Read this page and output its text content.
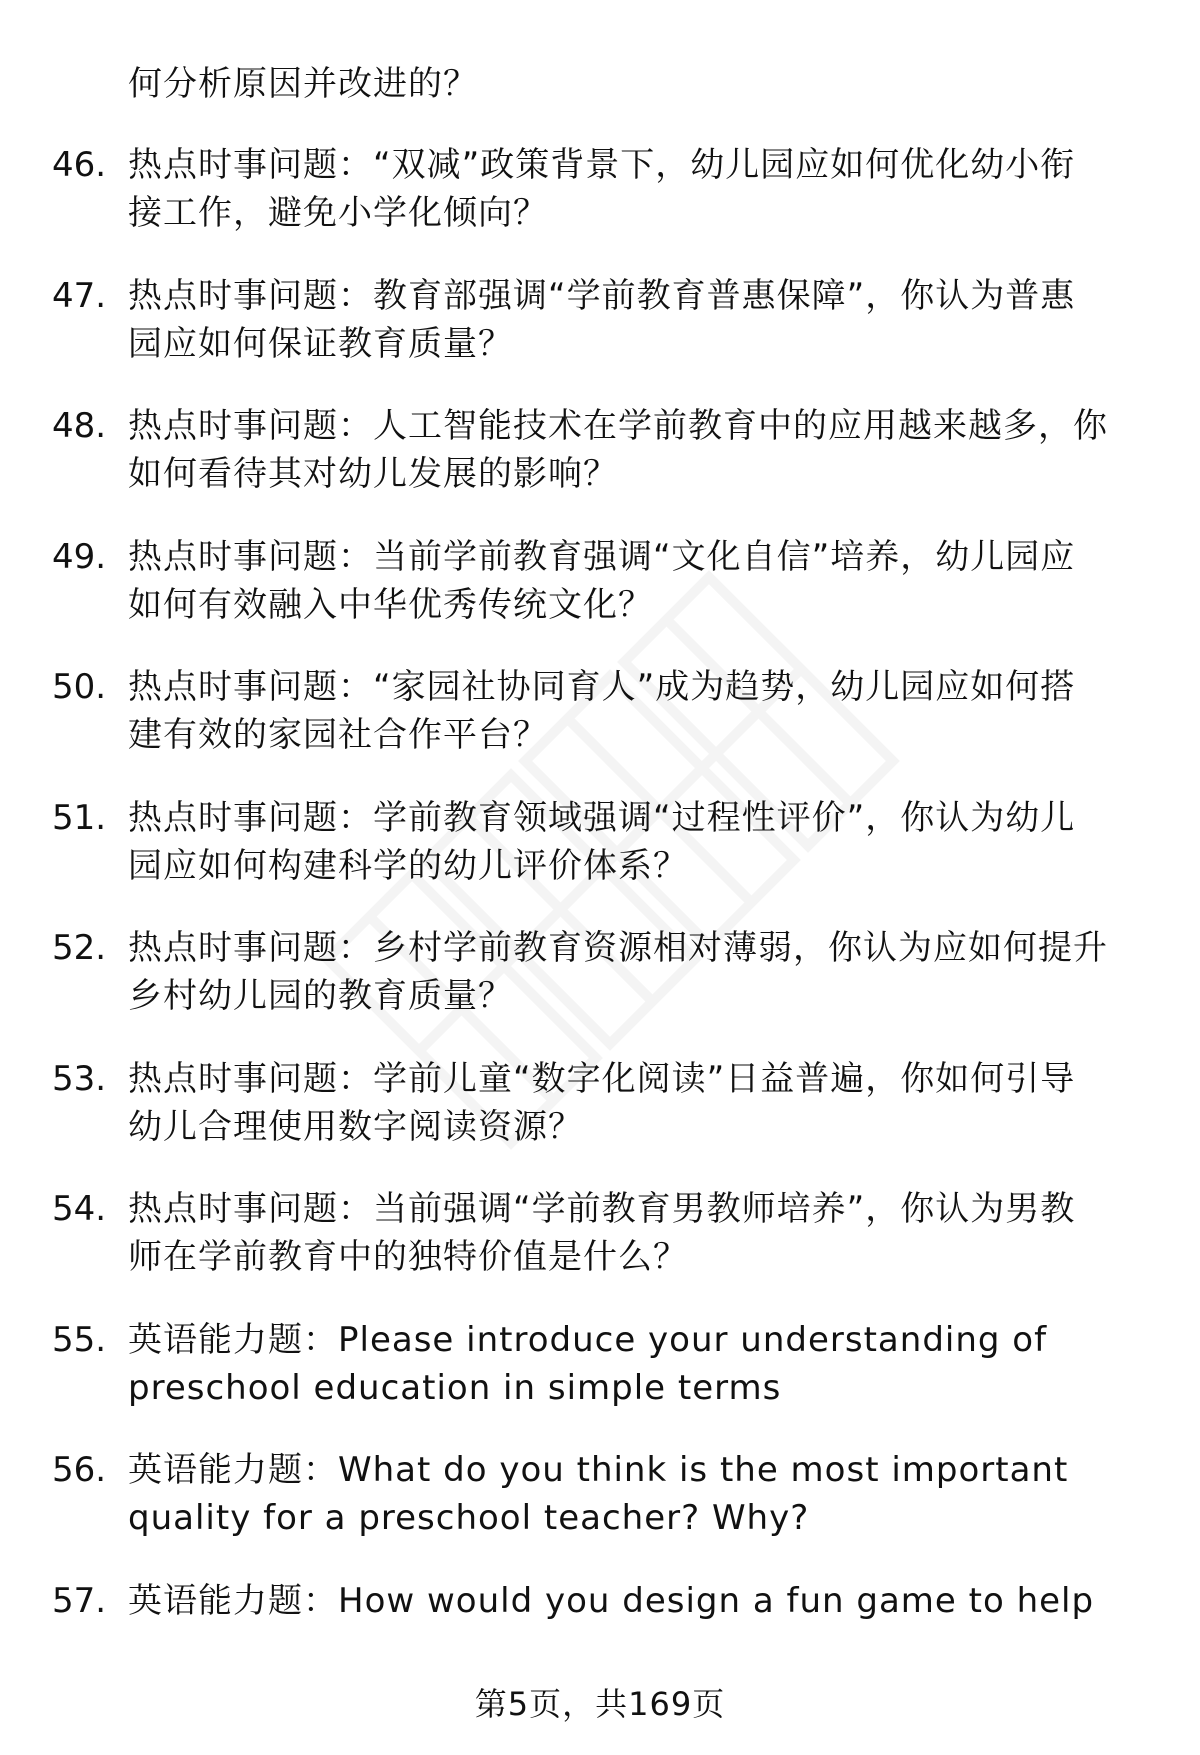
何分析原因并改进的？
46. 热点时事问题：“双减”政策背景下，幼儿园应如何优化幼小衔
接工作，避免小学化倾向？
47. 热点时事问题：教育部强调“学前教育普惠保障”，你认为普惠
园应如何保证教育质量？
48. 热点时事问题：人工智能技术在学前教育中的应用越来越多，你
如何看待其对幼儿发展的影响？
49. 热点时事问题：当前学前教育强调“文化自信”培养，幼儿园应
如何有效融入中华优秀传统文化？
50. 热点时事问题：“家园社协同育人”成为趋势，幼儿园应如何搭
建有效的家园社合作平台？
51. 热点时事问题：学前教育领域强调“过程性评价”，你认为幼儿
园应如何构建科学的幼儿评价体系？
52. 热点时事问题：乡村学前教育资源相对薄弱，你认为应如何提升
乡村幼儿园的教育质量？
53. 热点时事问题：学前儿童“数字化阅读”日益普遍，你如何引导
幼儿合理使用数字阅读资源？
54. 热点时事问题：当前强调“学前教育男教师培养”，你认为男教
师在学前教育中的独特价值是什么？
55. 英语能力题：Please introduce your understanding of
preschool education in simple terms
56. 英语能力题：What do you think is the most important
quality for a preschool teacher? Why?
57. 英语能力题：How would you design a fun game to help
第5页，共169页
